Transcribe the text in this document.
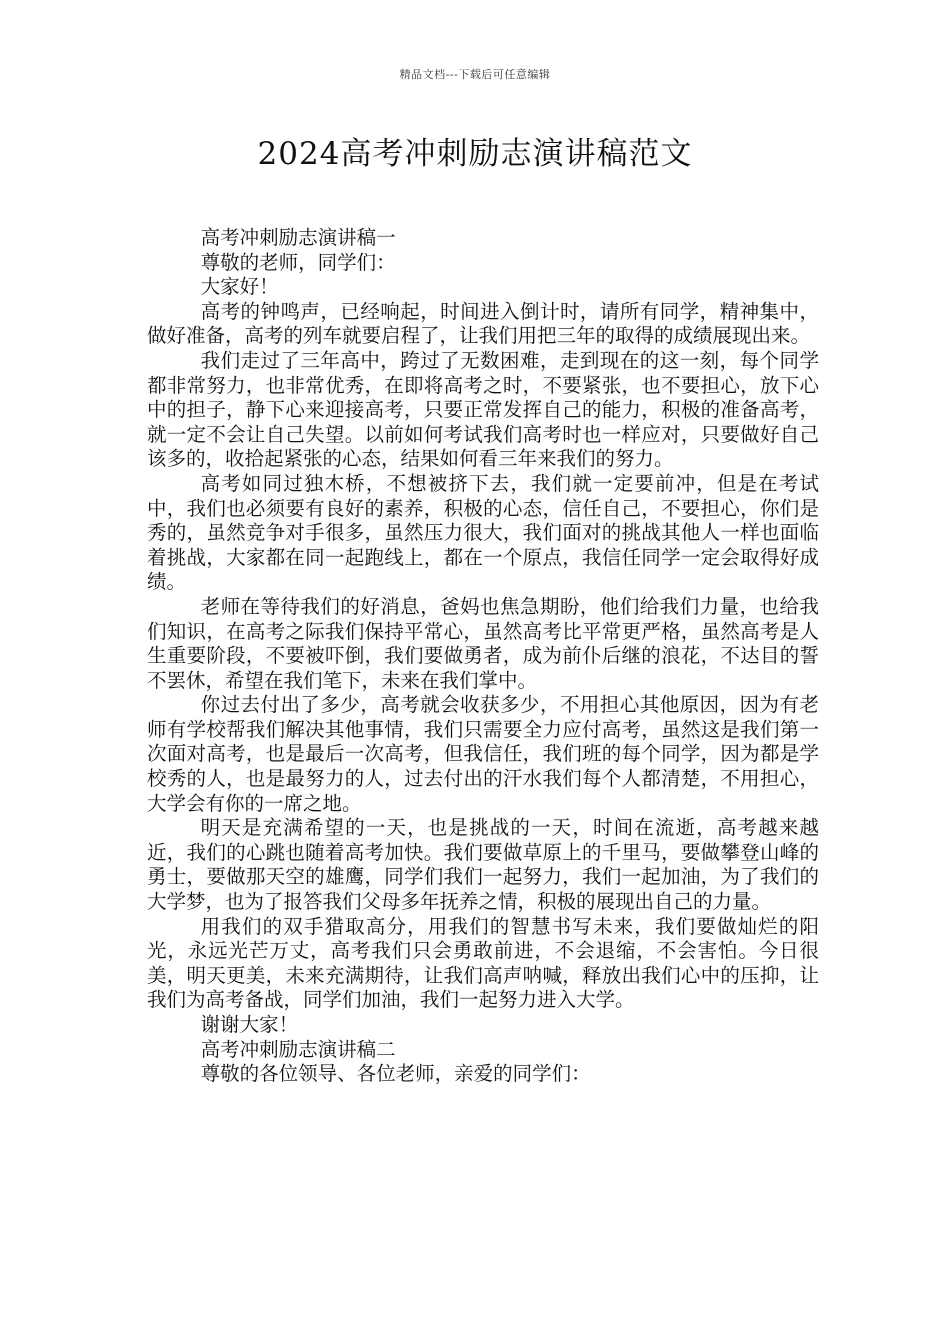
精品文档---下载后可任意编辑
2024高考冲刺励志演讲稿范文

高考冲刺励志演讲稿一

尊敬的老师，同学们：

大家好！

高考的钟鸣声，已经响起，时间进入倒计时，请所有同学，精神集中，做好准备，高考的列车就要启程了，让我们用把三年的取得的成绩展现出来。

我们走过了三年高中，跨过了无数困难，走到现在的这一刻，每个同学都非常努力，也非常优秀，在即将高考之时，不要紧张，也不要担心，放下心中的担子，静下心来迎接高考，只要正常发挥自己的能力，积极的准备高考，就一定不会让自己失望。以前如何考试我们高考时也一样应对，只要做好自己该多的，收拾起紧张的心态，结果如何看三年来我们的努力。

高考如同过独木桥，不想被挤下去，我们就一定要前冲，但是在考试中，我们也必须要有良好的素养，积极的心态，信任自己，不要担心，你们是秀的，虽然竞争对手很多，虽然压力很大，我们面对的挑战其他人一样也面临着挑战，大家都在同一起跑线上，都在一个原点，我信任同学一定会取得好成绩。

老师在等待我们的好消息，爸妈也焦急期盼，他们给我们力量，也给我们知识，在高考之际我们保持平常心，虽然高考比平常更严格，虽然高考是人生重要阶段，不要被吓倒，我们要做勇者，成为前仆后继的浪花，不达目的誓不罢休，希望在我们笔下，未来在我们掌中。

你过去付出了多少，高考就会收获多少，不用担心其他原因，因为有老师有学校帮我们解决其他事情，我们只需要全力应付高考，虽然这是我们第一次面对高考，也是最后一次高考，但我信任，我们班的每个同学，因为都是学校秀的人，也是最努力的人，过去付出的汗水我们每个人都清楚，不用担心，大学会有你的一席之地。

明天是充满希望的一天，也是挑战的一天，时间在流逝，高考越来越近，我们的心跳也随着高考加快。我们要做草原上的千里马，要做攀登山峰的勇士，要做那天空的雄鹰，同学们我们一起努力，我们一起加油，为了我们的大学梦，也为了报答我们父母多年抚养之情，积极的展现出自己的力量。

用我们的双手猎取高分，用我们的智慧书写未来，我们要做灿烂的阳光，永远光芒万丈，高考我们只会勇敢前进，不会退缩，不会害怕。今日很美，明天更美，未来充满期待，让我们高声呐喊，释放出我们心中的压抑，让我们为高考备战，同学们加油，我们一起努力进入大学。

谢谢大家！

高考冲刺励志演讲稿二

尊敬的各位领导、各位老师，亲爱的同学们：
